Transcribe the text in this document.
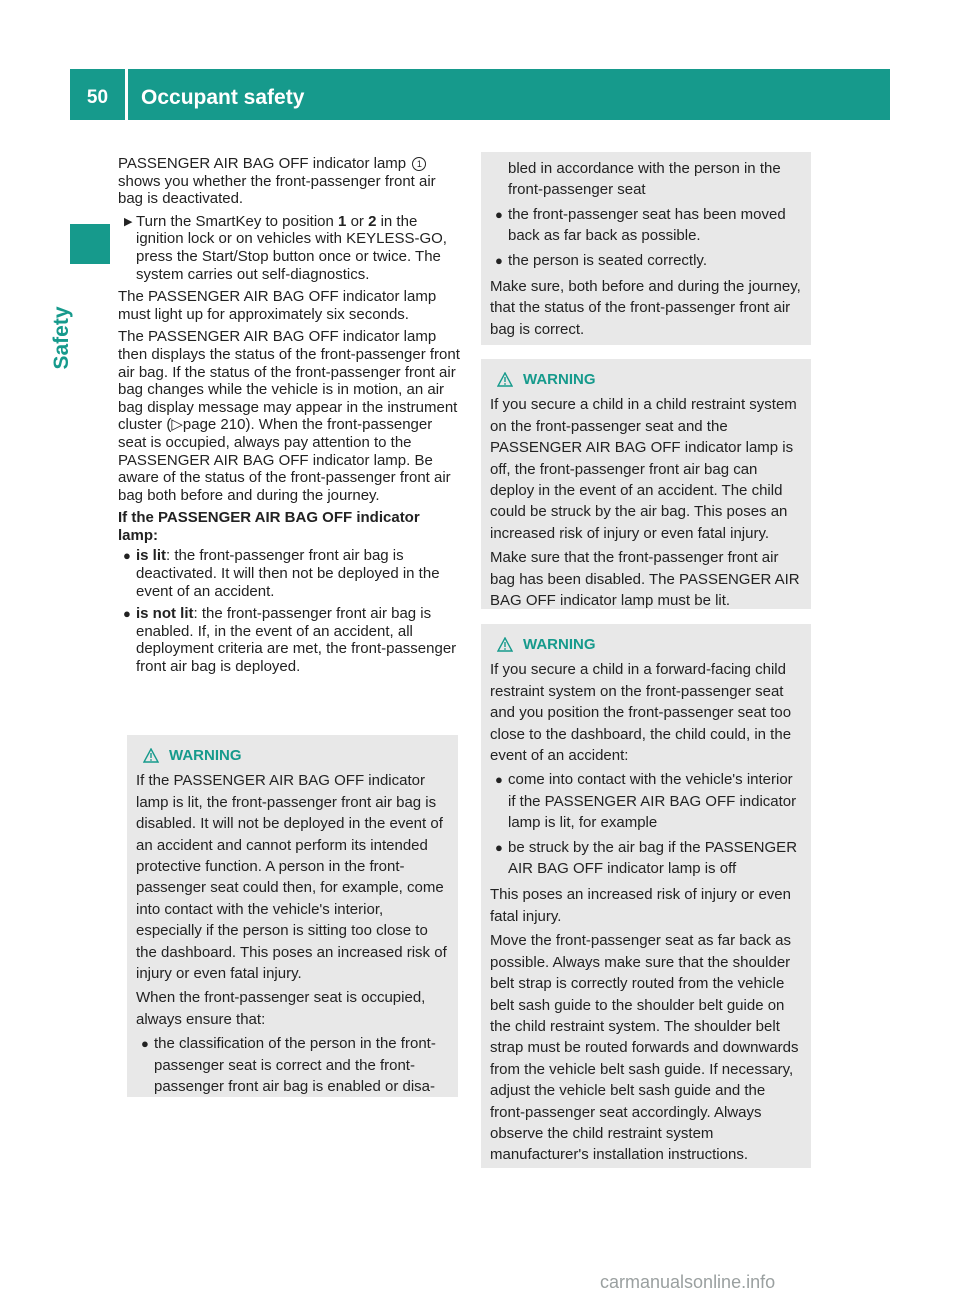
50	Occupant safety
Safety

PASSENGER AIR BAG OFF indicator lamp 1 shows you whether the front-passenger front air bag is deactivated.

▶ Turn the SmartKey to position 1 or 2 in the ignition lock or on vehicles with KEYLESS-GO, press the Start/Stop button once or twice. The system carries out self-diagnostics.

The PASSENGER AIR BAG OFF indicator lamp must light up for approximately six seconds.

The PASSENGER AIR BAG OFF indicator lamp then displays the status of the front-passenger front air bag. If the status of the front-passenger front air bag changes while the vehicle is in motion, an air bag display message may appear in the instrument cluster (▷page 210). When the front-passenger seat is occupied, always pay attention to the PASSENGER AIR BAG OFF indicator lamp. Be aware of the status of the front-passenger front air bag both before and during the journey.

If the PASSENGER AIR BAG OFF indicator lamp:

● is lit: the front-passenger front air bag is deactivated. It will then not be deployed in the event of an accident.
● is not lit: the front-passenger front air bag is enabled. If, in the event of an accident, all deployment criteria are met, the front-passenger front air bag is deployed.
WARNING

If the PASSENGER AIR BAG OFF indicator lamp is lit, the front-passenger front air bag is disabled. It will not be deployed in the event of an accident and cannot perform its intended protective function. A person in the front-passenger seat could then, for example, come into contact with the vehicle's interior, especially if the person is sitting too close to the dashboard. This poses an increased risk of injury or even fatal injury.

When the front-passenger seat is occupied, always ensure that:

● the classification of the person in the front-passenger seat is correct and the front-passenger front air bag is enabled or disa-
bled in accordance with the person in the front-passenger seat
● the front-passenger seat has been moved back as far back as possible.
● the person is seated correctly.

Make sure, both before and during the journey, that the status of the front-passenger front air bag is correct.

WARNING

If you secure a child in a child restraint system on the front-passenger seat and the PASSENGER AIR BAG OFF indicator lamp is off, the front-passenger front air bag can deploy in the event of an accident. The child could be struck by the air bag. This poses an increased risk of injury or even fatal injury.

Make sure that the front-passenger front air bag has been disabled. The PASSENGER AIR BAG OFF indicator lamp must be lit.

WARNING

If you secure a child in a forward-facing child restraint system on the front-passenger seat and you position the front-passenger seat too close to the dashboard, the child could, in the event of an accident:

● come into contact with the vehicle's interior if the PASSENGER AIR BAG OFF indicator lamp is lit, for example
● be struck by the air bag if the PASSENGER AIR BAG OFF indicator lamp is off

This poses an increased risk of injury or even fatal injury.

Move the front-passenger seat as far back as possible. Always make sure that the shoulder belt strap is correctly routed from the vehicle belt sash guide to the shoulder belt guide on the child restraint system. The shoulder belt strap must be routed forwards and downwards from the vehicle belt sash guide. If necessary, adjust the vehicle belt sash guide and the front-passenger seat accordingly. Always observe the child restraint system manufacturer's installation instructions.

carmanualsonline.info
